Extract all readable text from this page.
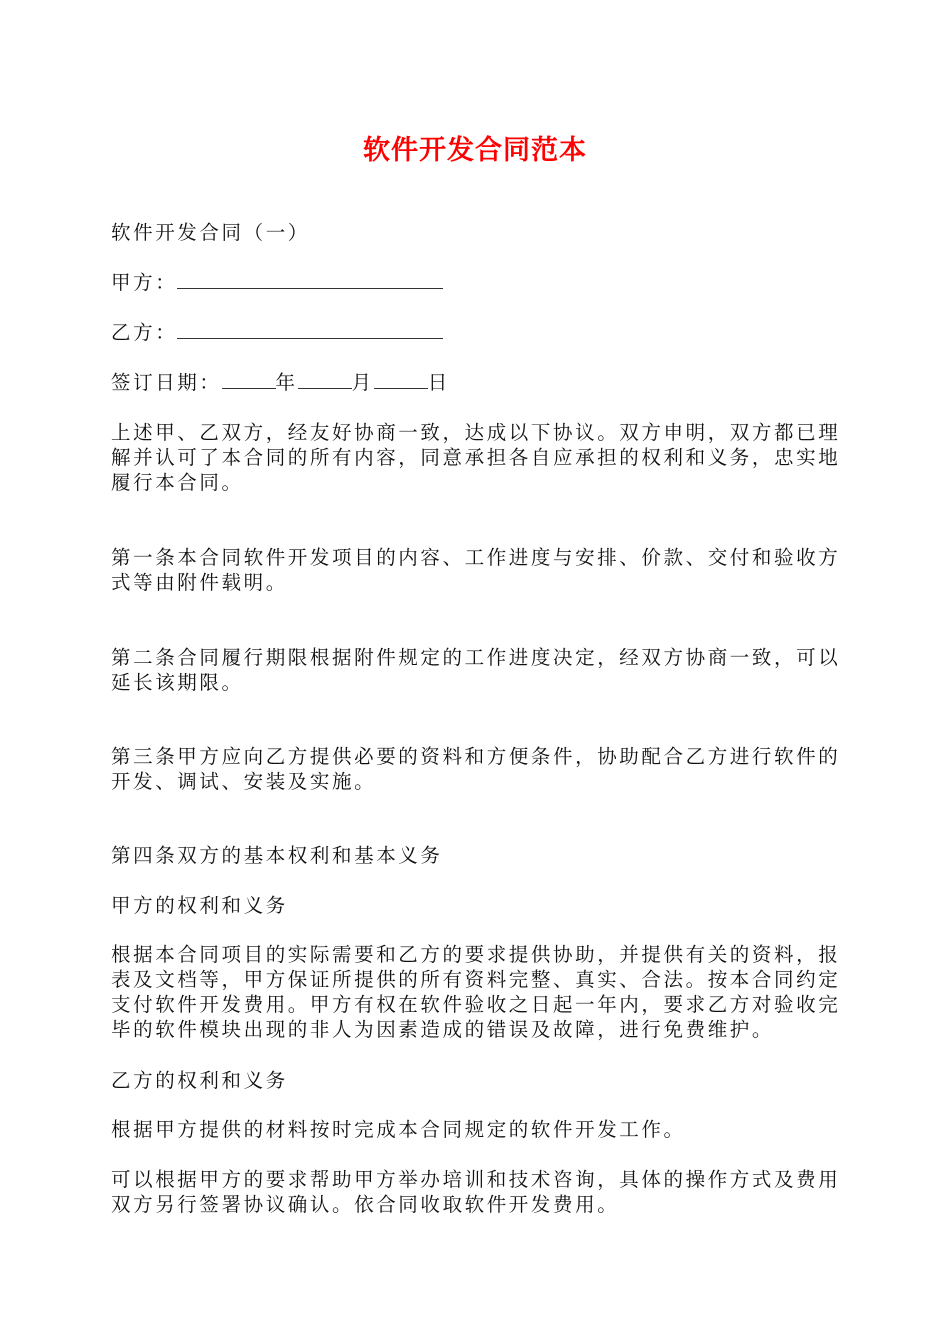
软件开发合同范本

软件开发合同（一）

甲方：

乙方：

签订日期：	年	月	日

上述甲、乙双方，经友好协商一致，达成以下协议。双方申明，双方都已理解并认可了本合同的所有内容，同意承担各自应承担的权利和义务，忠实地履行本合同。

第一条本合同软件开发项目的内容、工作进度与安排、价款、交付和验收方式等由附件载明。

第二条合同履行期限根据附件规定的工作进度决定，经双方协商一致，可以延长该期限。

第三条甲方应向乙方提供必要的资料和方便条件，协助配合乙方进行软件的开发、调试、安装及实施。

第四条双方的基本权利和基本义务

甲方的权利和义务

根据本合同项目的实际需要和乙方的要求提供协助，并提供有关的资料，报表及文档等，甲方保证所提供的所有资料完整、真实、合法。按本合同约定支付软件开发费用。甲方有权在软件验收之日起一年内，要求乙方对验收完毕的软件模块出现的非人为因素造成的错误及故障，进行免费维护。

乙方的权利和义务

根据甲方提供的材料按时完成本合同规定的软件开发工作。

可以根据甲方的要求帮助甲方举办培训和技术咨询，具体的操作方式及费用双方另行签署协议确认。依合同收取软件开发费用。
